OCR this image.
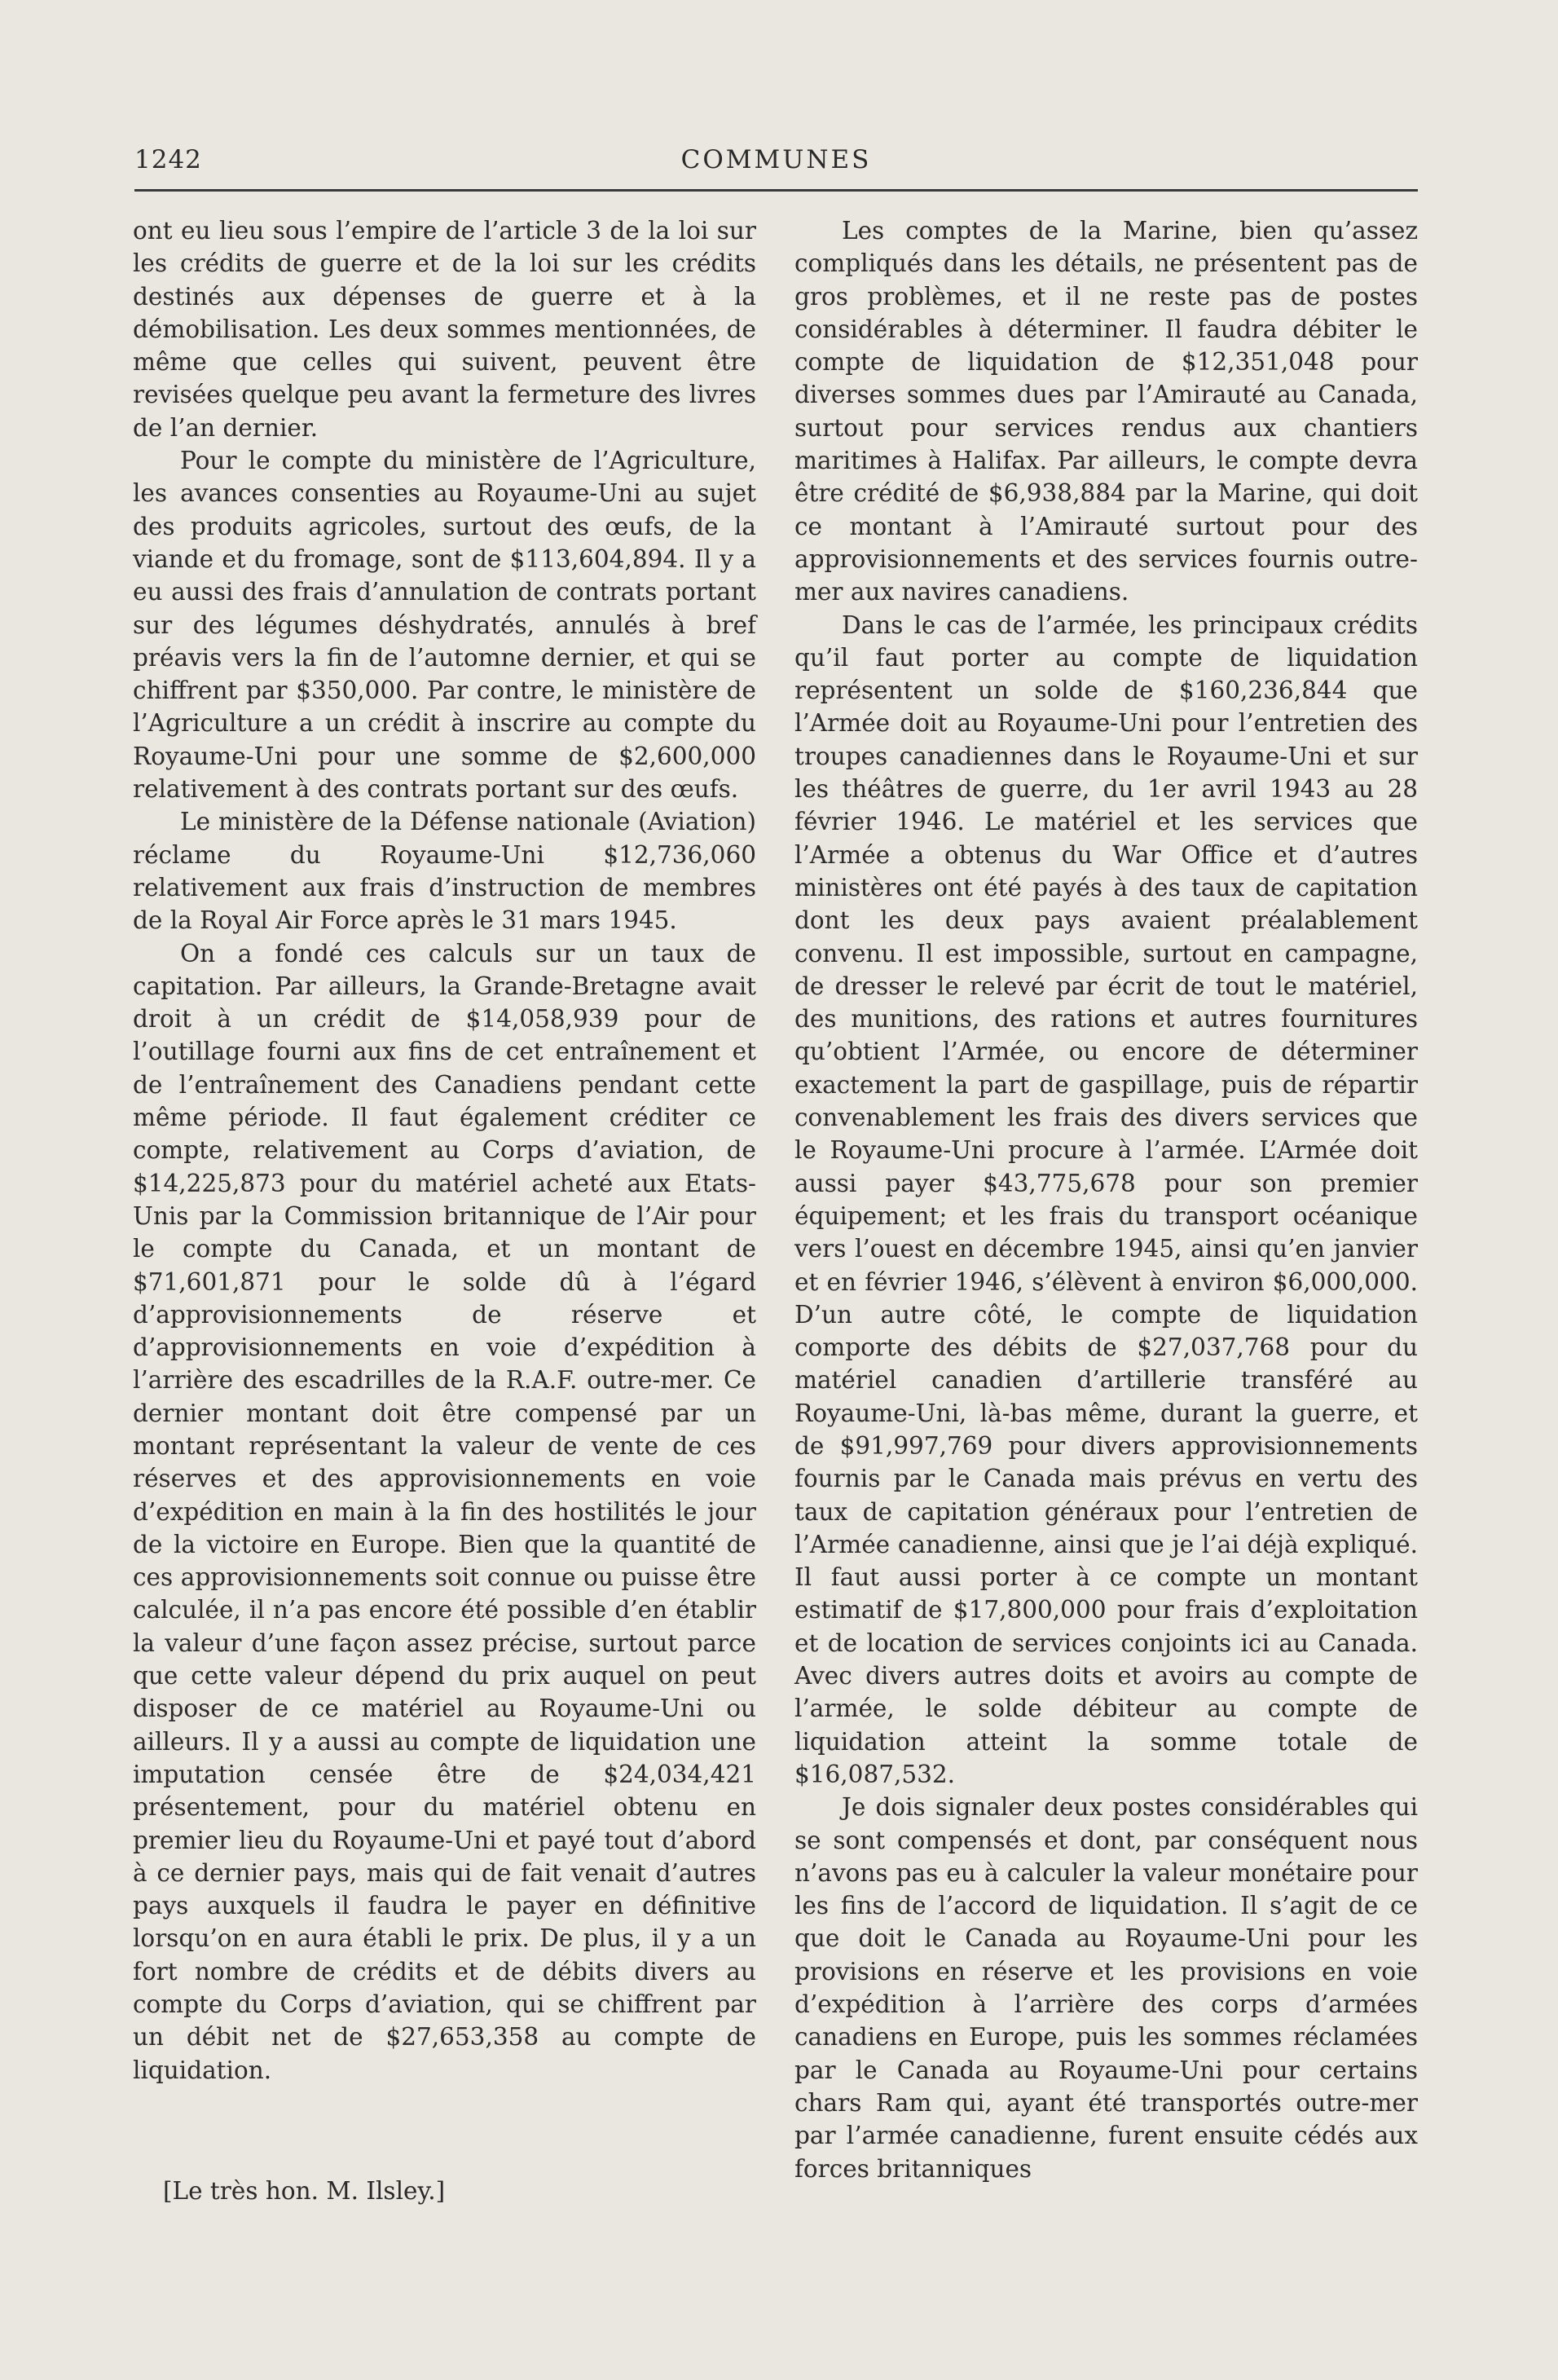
1242	COMMUNES

ont eu lieu sous l’empire de l’article 3 de la loi sur les crédits de guerre et de la loi sur les crédits destinés aux dépenses de guerre et à la démobilisation. Les deux sommes mentionnées, de même que celles qui suivent, peuvent être revisées quelque peu avant la fermeture des livres de l’an dernier.

Pour le compte du ministère de l’Agriculture, les avances consenties au Royaume-Uni au sujet des produits agricoles, surtout des œufs, de la viande et du fromage, sont de $113,604,894. Il y a eu aussi des frais d’annulation de contrats portant sur des légumes déshydratés, annulés à bref préavis vers la fin de l’automne dernier, et qui se chiffrent par $350,000. Par contre, le ministère de l’Agriculture a un crédit à inscrire au compte du Royaume-Uni pour une somme de $2,600,000 relativement à des contrats portant sur des œufs.

Le ministère de la Défense nationale (Aviation) réclame du Royaume-Uni $12,736,060 relativement aux frais d’instruction de membres de la Royal Air Force après le 31 mars 1945.

On a fondé ces calculs sur un taux de capitation. Par ailleurs, la Grande-Bretagne avait droit à un crédit de $14,058,939 pour de l’outillage fourni aux fins de cet entraînement et de l’entraînement des Canadiens pendant cette même période. Il faut également créditer ce compte, relativement au Corps d’aviation, de $14,225,873 pour du matériel acheté aux Etats-Unis par la Commission britannique de l’Air pour le compte du Canada, et un montant de $71,601,871 pour le solde dû à l’égard d’approvisionnements de réserve et d’approvisionnements en voie d’expédition à l’arrière des escadrilles de la R.A.F. outre-mer. Ce dernier montant doit être compensé par un montant représentant la valeur de vente de ces réserves et des approvisionnements en voie d’expédition en main à la fin des hostilités le jour de la victoire en Europe. Bien que la quantité de ces approvisionnements soit connue ou puisse être calculée, il n’a pas encore été possible d’en établir la valeur d’une façon assez précise, surtout parce que cette valeur dépend du prix auquel on peut disposer de ce matériel au Royaume-Uni ou ailleurs. Il y a aussi au compte de liquidation une imputation censée être de $24,034,421 présentement, pour du matériel obtenu en premier lieu du Royaume-Uni et payé tout d’abord à ce dernier pays, mais qui de fait venait d’autres pays auxquels il faudra le payer en définitive lorsqu’on en aura établi le prix. De plus, il y a un fort nombre de crédits et de débits divers au compte du Corps d’aviation, qui se chiffrent par un débit net de $27,653,358 au compte de liquidation.

[Le très hon. M. Ilsley.]

Les comptes de la Marine, bien qu’assez compliqués dans les détails, ne présentent pas de gros problèmes, et il ne reste pas de postes considérables à déterminer. Il faudra débiter le compte de liquidation de $12,351,048 pour diverses sommes dues par l’Amirauté au Canada, surtout pour services rendus aux chantiers maritimes à Halifax. Par ailleurs, le compte devra être crédité de $6,938,884 par la Marine, qui doit ce montant à l’Amirauté surtout pour des approvisionnements et des services fournis outre-mer aux navires canadiens.

Dans le cas de l’armée, les principaux crédits qu’il faut porter au compte de liquidation représentent un solde de $160,236,844 que l’Armée doit au Royaume-Uni pour l’entretien des troupes canadiennes dans le Royaume-Uni et sur les théâtres de guerre, du 1er avril 1943 au 28 février 1946. Le matériel et les services que l’Armée a obtenus du War Office et d’autres ministères ont été payés à des taux de capitation dont les deux pays avaient préalablement convenu. Il est impossible, surtout en campagne, de dresser le relevé par écrit de tout le matériel, des munitions, des rations et autres fournitures qu’obtient l’Armée, ou encore de déterminer exactement la part de gaspillage, puis de répartir convenablement les frais des divers services que le Royaume-Uni procure à l’armée. L’Armée doit aussi payer $43,775,678 pour son premier équipement; et les frais du transport océanique vers l’ouest en décembre 1945, ainsi qu’en janvier et en février 1946, s’élèvent à environ $6,000,000. D’un autre côté, le compte de liquidation comporte des débits de $27,037,768 pour du matériel canadien d’artillerie transféré au Royaume-Uni, là-bas même, durant la guerre, et de $91,997,769 pour divers approvisionnements fournis par le Canada mais prévus en vertu des taux de capitation généraux pour l’entretien de l’Armée canadienne, ainsi que je l’ai déjà expliqué. Il faut aussi porter à ce compte un montant estimatif de $17,800,000 pour frais d’exploitation et de location de services conjoints ici au Canada. Avec divers autres doits et avoirs au compte de l’armée, le solde débiteur au compte de liquidation atteint la somme totale de $16,087,532.

Je dois signaler deux postes considérables qui se sont compensés et dont, par conséquent nous n’avons pas eu à calculer la valeur monétaire pour les fins de l’accord de liquidation. Il s’agit de ce que doit le Canada au Royaume-Uni pour les provisions en réserve et les provisions en voie d’expédition à l’arrière des corps d’armées canadiens en Europe, puis les sommes réclamées par le Canada au Royaume-Uni pour certains chars Ram qui, ayant été transportés outre-mer par l’armée canadienne, furent ensuite cédés aux forces britanniques
